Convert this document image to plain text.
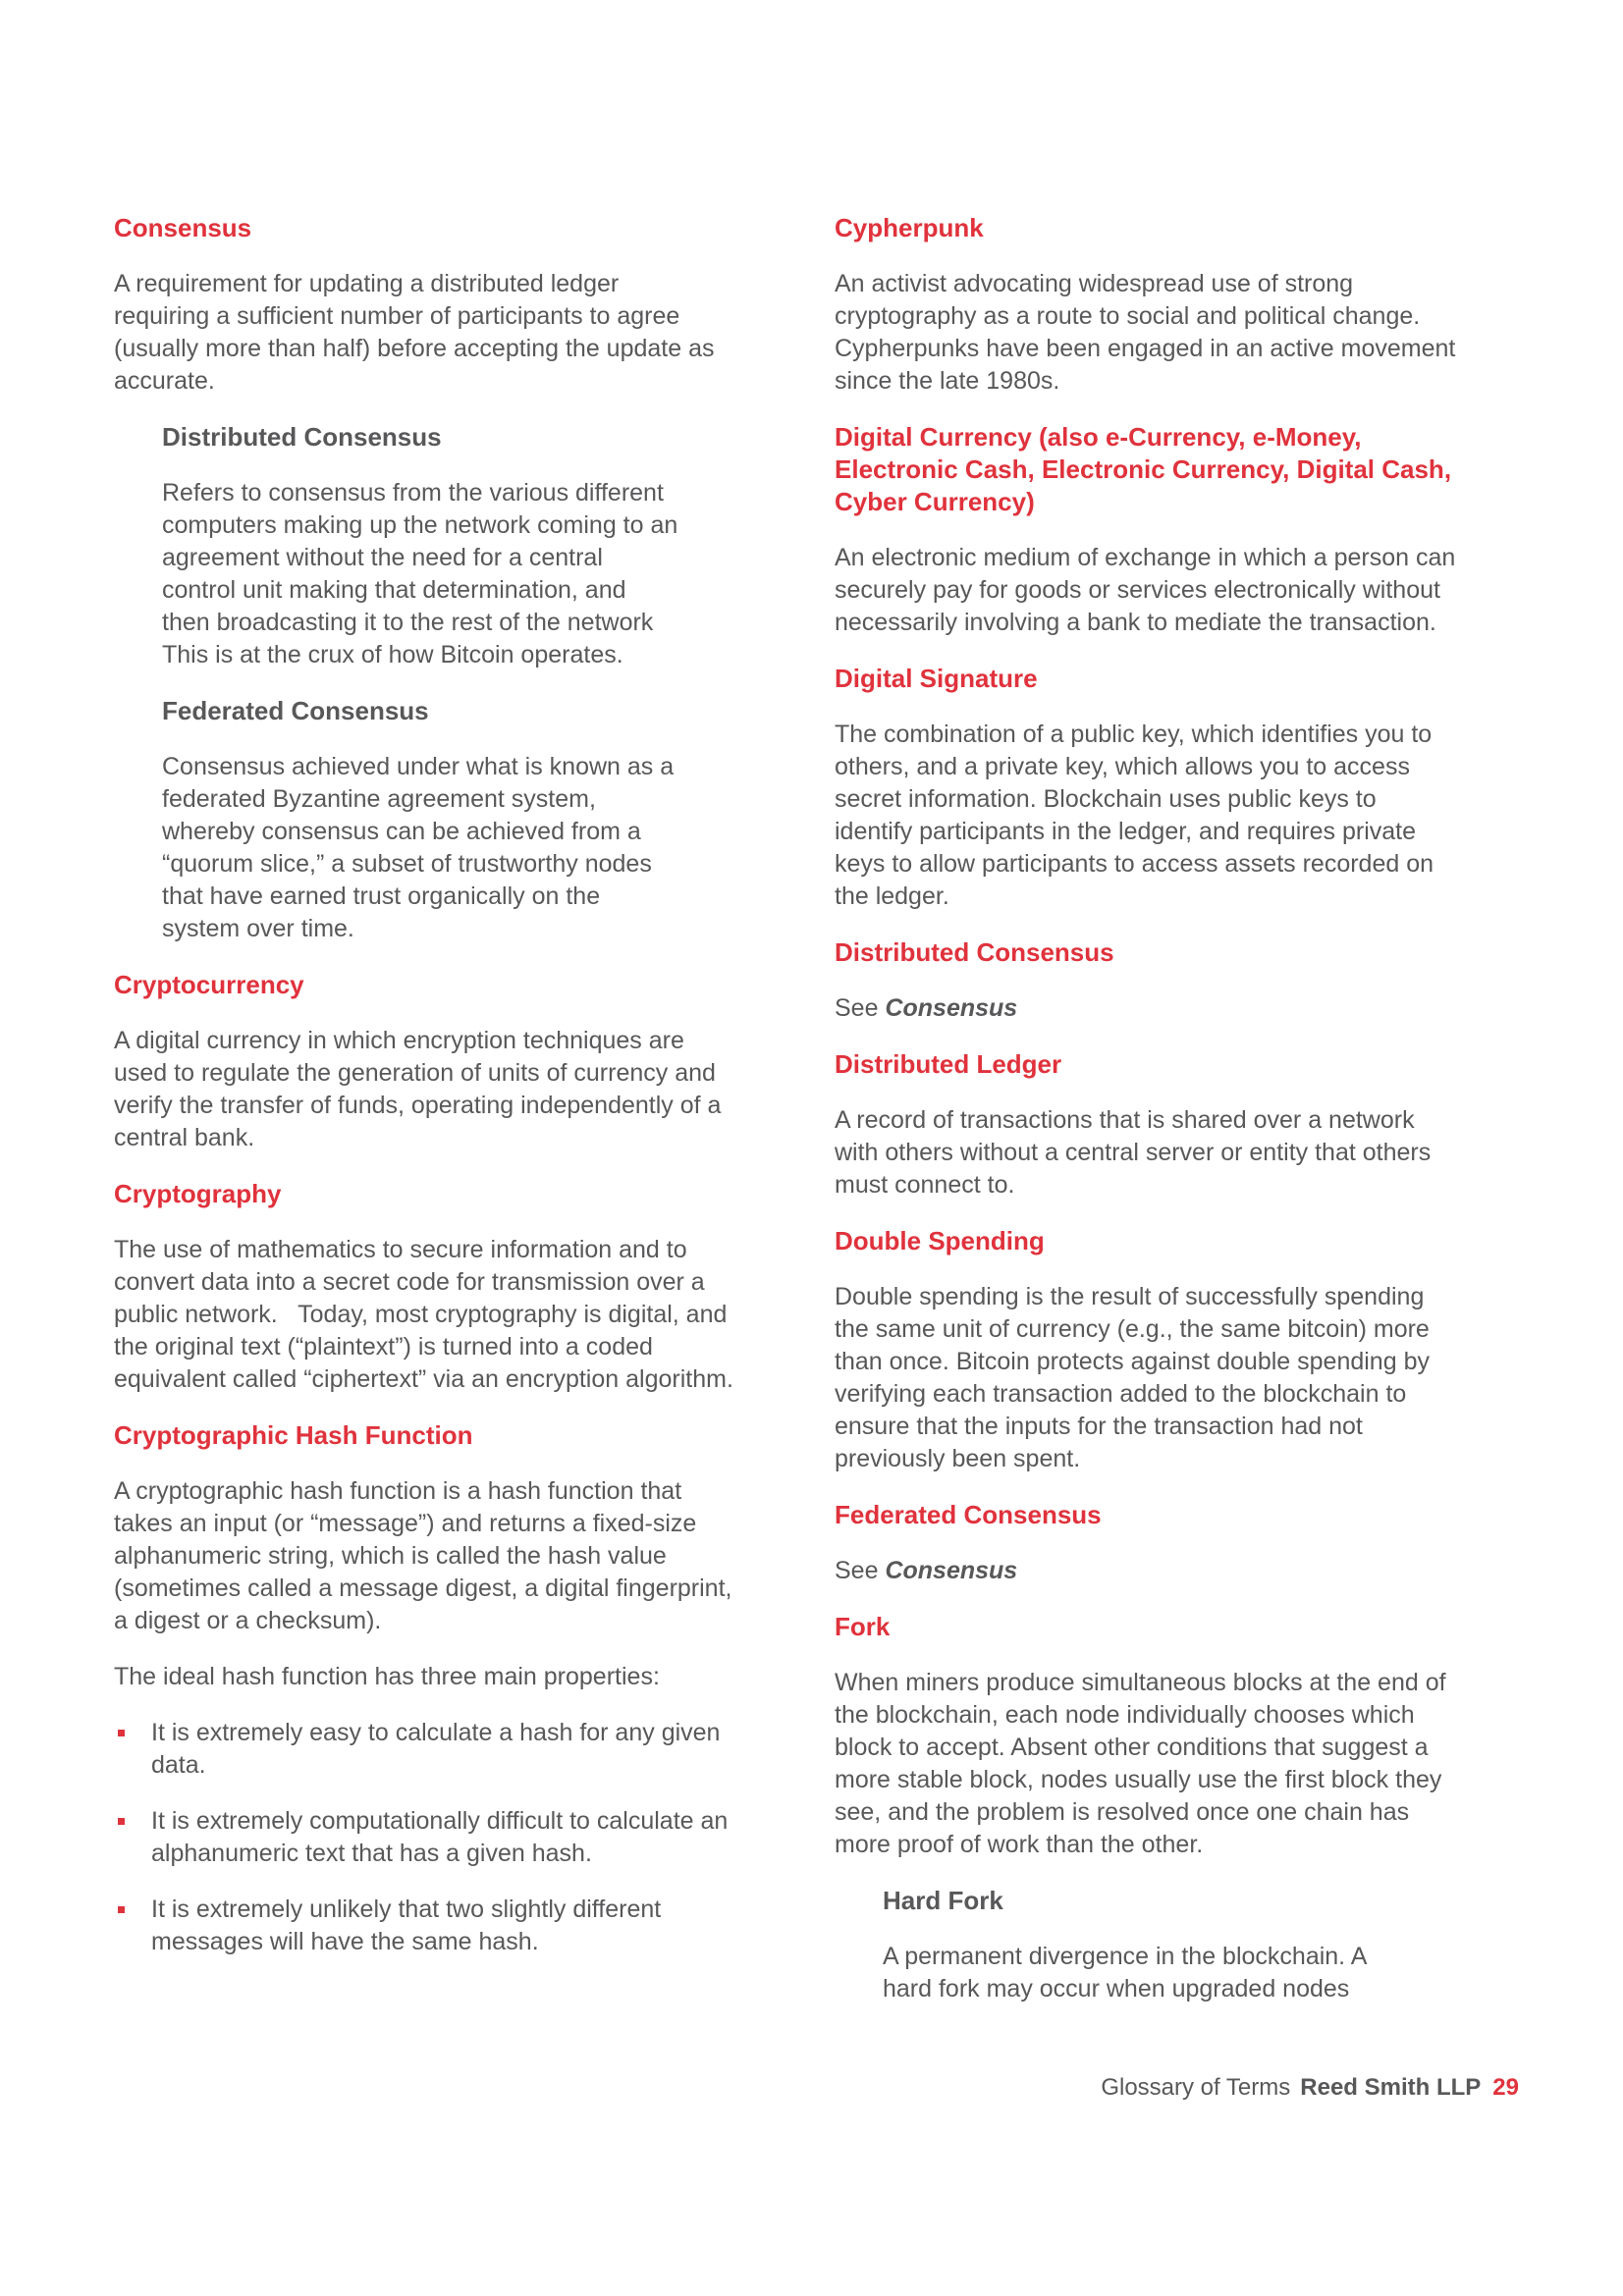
Consensus
A requirement for updating a distributed ledger
requiring a sufficient number of participants to agree
(usually more than half) before accepting the update as
accurate.
Distributed Consensus
Refers to consensus from the various different
computers making up the network coming to an
agreement without the need for a central
control unit making that determination, and
then broadcasting it to the rest of the network
This is at the crux of how Bitcoin operates.
Federated Consensus
Consensus achieved under what is known as a
federated Byzantine agreement system,
whereby consensus can be achieved from a
“quorum slice,” a subset of trustworthy nodes
that have earned trust organically on the
system over time.
Cryptocurrency
A digital currency in which encryption techniques are
used to regulate the generation of units of currency and
verify the transfer of funds, operating independently of a
central bank.
Cryptography
The use of mathematics to secure information and to
convert data into a secret code for transmission over a
public network.   Today, most cryptography is digital, and
the original text (“plaintext”) is turned into a coded
equivalent called “ciphertext” via an encryption algorithm.
Cryptographic Hash Function
A cryptographic hash function is a hash function that
takes an input (or “message”) and returns a fixed-size
alphanumeric string, which is called the hash value
(sometimes called a message digest, a digital fingerprint,
a digest or a checksum).
The ideal hash function has three main properties:
It is extremely easy to calculate a hash for any given
data.
It is extremely computationally difficult to calculate an
alphanumeric text that has a given hash.
It is extremely unlikely that two slightly different
messages will have the same hash.
Cypherpunk
An activist advocating widespread use of strong
cryptography as a route to social and political change.
Cypherpunks have been engaged in an active movement
since the late 1980s.
Digital Currency (also e-Currency, e-Money,
Electronic Cash, Electronic Currency, Digital Cash,
Cyber Currency)
An electronic medium of exchange in which a person can
securely pay for goods or services electronically without
necessarily involving a bank to mediate the transaction.
Digital Signature
The combination of a public key, which identifies you to
others, and a private key, which allows you to access
secret information. Blockchain uses public keys to
identify participants in the ledger, and requires private
keys to allow participants to access assets recorded on
the ledger.
Distributed Consensus
See Consensus
Distributed Ledger
A record of transactions that is shared over a network
with others without a central server or entity that others
must connect to.
Double Spending
Double spending is the result of successfully spending
the same unit of currency (e.g., the same bitcoin) more
than once. Bitcoin protects against double spending by
verifying each transaction added to the blockchain to
ensure that the inputs for the transaction had not
previously been spent.
Federated Consensus
See Consensus
Fork
When miners produce simultaneous blocks at the end of
the blockchain, each node individually chooses which
block to accept. Absent other conditions that suggest a
more stable block, nodes usually use the first block they
see, and the problem is resolved once one chain has
more proof of work than the other.
Hard Fork
A permanent divergence in the blockchain. A
hard fork may occur when upgraded nodes
Glossary of Terms Reed Smith LLP 29
